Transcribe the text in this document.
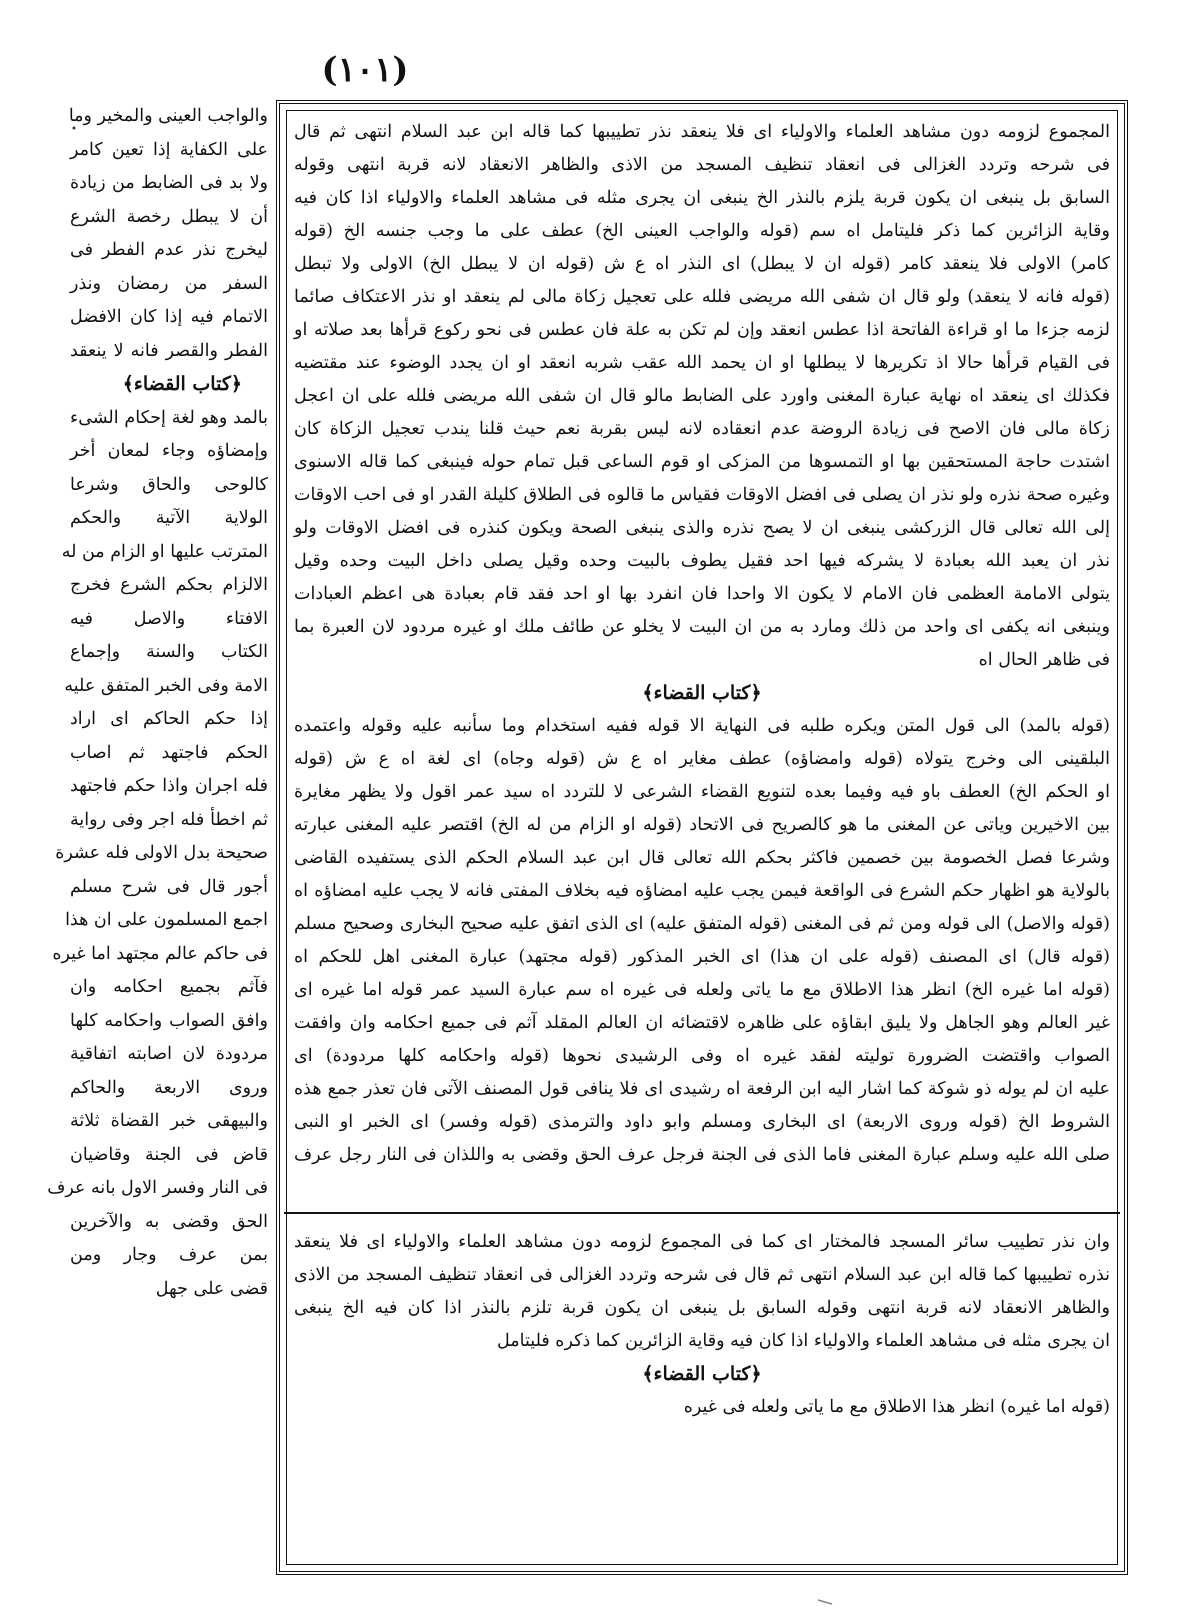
(١٠١)
المجموع لزومه دون مشاهد العلماء والاولياء اى فلا ينعقد نذر تطييبها كما قاله ابن عبد السلام انتهى ثم قال
فى شرحه وتردد الغزالى فى انعقاد تنظيف المسجد من الاذى والظاهر الانعقاد لانه قربة انتهى وقوله
السابق بل ينبغى ان يكون قربة يلزم بالنذر الخ ينبغى ان يجرى مثله فى مشاهد العلماء والاولياء اذا كان فيه
وقاية الزائرين كما ذكر فليتامل اه سم (قوله والواجب العينى الخ) عطف على ما وجب جنسه الخ (قوله
كامر) الاولى فلا ينعقد كامر (قوله ان لا يبطل) اى النذر اه ع ش (قوله ان لا يبطل الخ) الاولى ولا تبطل
(قوله فانه لا ينعقد) ولو قال ان شفى الله مريضى فلله على تعجيل زكاة مالى لم ينعقد او نذر الاعتكاف صائما
لزمه جزءا ما او قراءة الفاتحة اذا عطس انعقد وإن لم تكن به علة فان عطس فى نحو ركوع قرأها بعد صلاته او
فى القيام قرأها حالا اذ تكريرها لا يبطلها او ان يحمد الله عقب شربه انعقد او ان يجدد الوضوء عند مقتضيه
فكذلك اى ينعقد اه نهاية عبارة المغنى واورد على الضابط مالو قال ان شفى الله مريضى فلله على ان اعجل
زكاة مالى فان الاصح فى زيادة الروضة عدم انعقاده لانه ليس بقربة نعم حيث قلنا يندب تعجيل الزكاة كان
اشتدت حاجة المستحقين بها او التمسوها من المزكى او قوم الساعى قبل تمام حوله فينبغى كما قاله الاسنوى
وغيره صحة نذره ولو نذر ان يصلى فى افضل الاوقات فقياس ما قالوه فى الطلاق كليلة القدر او فى احب الاوقات
إلى الله تعالى قال الزركشى ينبغى ان لا يصح نذره والذى ينبغى الصحة ويكون كنذره فى افضل الاوقات ولو
نذر ان يعبد الله بعبادة لا يشركه فيها احد فقيل يطوف بالبيت وحده وقيل يصلى داخل البيت وحده وقيل
يتولى الامامة العظمى فان الامام لا يكون الا واحدا فان انفرد بها او احد فقد قام بعبادة هى اعظم العبادات
وينبغى انه يكفى اى واحد من ذلك ومارد به من ان البيت لا يخلو عن طائف ملك او غيره مردود لان العبرة بما
فى ظاهر الحال اه
﴿كتاب القضاء﴾
(قوله بالمد) الى قول المتن ويكره طلبه فى النهاية الا قوله ففيه استخدام وما سأنبه عليه وقوله واعتمده
البلقينى الى وخرج يتولاه (قوله وامضاؤه) عطف مغاير اه ع ش (قوله وجاه) اى لغة اه ع ش (قوله
او الحكم الخ) العطف باو فيه وفيما بعده لتنويع القضاء الشرعى لا للتردد اه سيد عمر اقول ولا يظهر مغايرة
بين الاخيرين وياتى عن المغنى ما هو كالصريح فى الاتحاد (قوله او الزام من له الخ) اقتصر عليه المغنى عبارته
وشرعا فصل الخصومة بين خصمين فاكثر بحكم الله تعالى قال ابن عبد السلام الحكم الذى يستفيده القاضى
بالولاية هو اظهار حكم الشرع فى الواقعة فيمن يجب عليه امضاؤه فيه بخلاف المفتى فانه لا يجب عليه امضاؤه اه
(قوله والاصل) الى قوله ومن ثم فى المغنى (قوله المتفق عليه) اى الذى اتفق عليه صحيح البخارى وصحيح مسلم
(قوله قال) اى المصنف (قوله على ان هذا) اى الخبر المذكور (قوله مجتهد) عبارة المغنى اهل للحكم اه
(قوله اما غيره الخ) انظر هذا الاطلاق مع ما ياتى ولعله فى غيره اه سم عبارة السيد عمر قوله اما غيره اى
غير العالم وهو الجاهل ولا يليق ابقاؤه على ظاهره لاقتضائه ان العالم المقلد آثم فى جميع احكامه وان وافقت
الصواب واقتضت الضرورة توليته لفقد غيره اه وفى الرشيدى نحوها (قوله واحكامه كلها مردودة) اى
عليه ان لم يوله ذو شوكة كما اشار اليه ابن الرفعة اه رشيدى اى فلا ينافى قول المصنف الآتى فان تعذر جمع هذه
الشروط الخ (قوله وروى الاربعة) اى البخارى ومسلم وابو داود والترمذى (قوله وفسر) اى الخبر او النبى
صلى الله عليه وسلم عبارة المغنى فاما الذى فى الجنة فرجل عرف الحق وقضى به واللذان فى النار رجل عرف
وان نذر تطييب سائر المسجد فالمختار اى كما فى المجموع لزومه دون مشاهد العلماء والاولياء اى فلا ينعقد
نذره تطييبها كما قاله ابن عبد السلام انتهى ثم قال فى شرحه وتردد الغزالى فى انعقاد تنظيف المسجد من الاذى
والظاهر الانعقاد لانه قربة انتهى وقوله السابق بل ينبغى ان يكون قربة تلزم بالنذر اذا كان فيه الخ ينبغى
ان يجرى مثله فى مشاهد العلماء والاولياء اذا كان فيه وقاية الزائرين كما ذكره فليتامل
﴿كتاب القضاء﴾
(قوله اما غيره) انظر هذا الاطلاق مع ما ياتى ولعله فى غيره
والواجب العينى والمخير وما
على الكفاية إذا تعين كامر
ولا بد فى الضابط من زيادة
أن لا يبطل رخصة الشرع
ليخرج نذر عدم الفطر فى
السفر من رمضان ونذر
الاتمام فيه إذا كان الافضل
الفطر والقصر فانه لا ينعقد
﴿كتاب القضاء﴾
بالمد وهو لغة إحكام الشىء
وإمضاؤه وجاء لمعان أخر
كالوحى والحاق وشرعا
الولاية الآتية والحكم
المترتب عليها او الزام من له
الالزام بحكم الشرع فخرج
الافتاء والاصل فيه
الكتاب والسنة وإجماع
الامة وفى الخبر المتفق عليه
إذا حكم الحاكم اى اراد
الحكم فاجتهد ثم اصاب
فله اجران واذا حكم فاجتهد
ثم اخطأ فله اجر وفى رواية
صحيحة بدل الاولى فله عشرة
أجور قال فى شرح مسلم
اجمع المسلمون على ان هذا
فى حاكم عالم مجتهد اما غيره
فآثم بجميع احكامه وان
وافق الصواب واحكامه كلها
مردودة لان اصابته اتفاقية
وروى الاربعة والحاكم
والبيهقى خبر القضاة ثلاثة
قاض فى الجنة وقاضيان
فى النار وفسر الاول بانه عرف
الحق وقضى به والآخرين
بمن عرف وجار ومن
قضى على جهل
